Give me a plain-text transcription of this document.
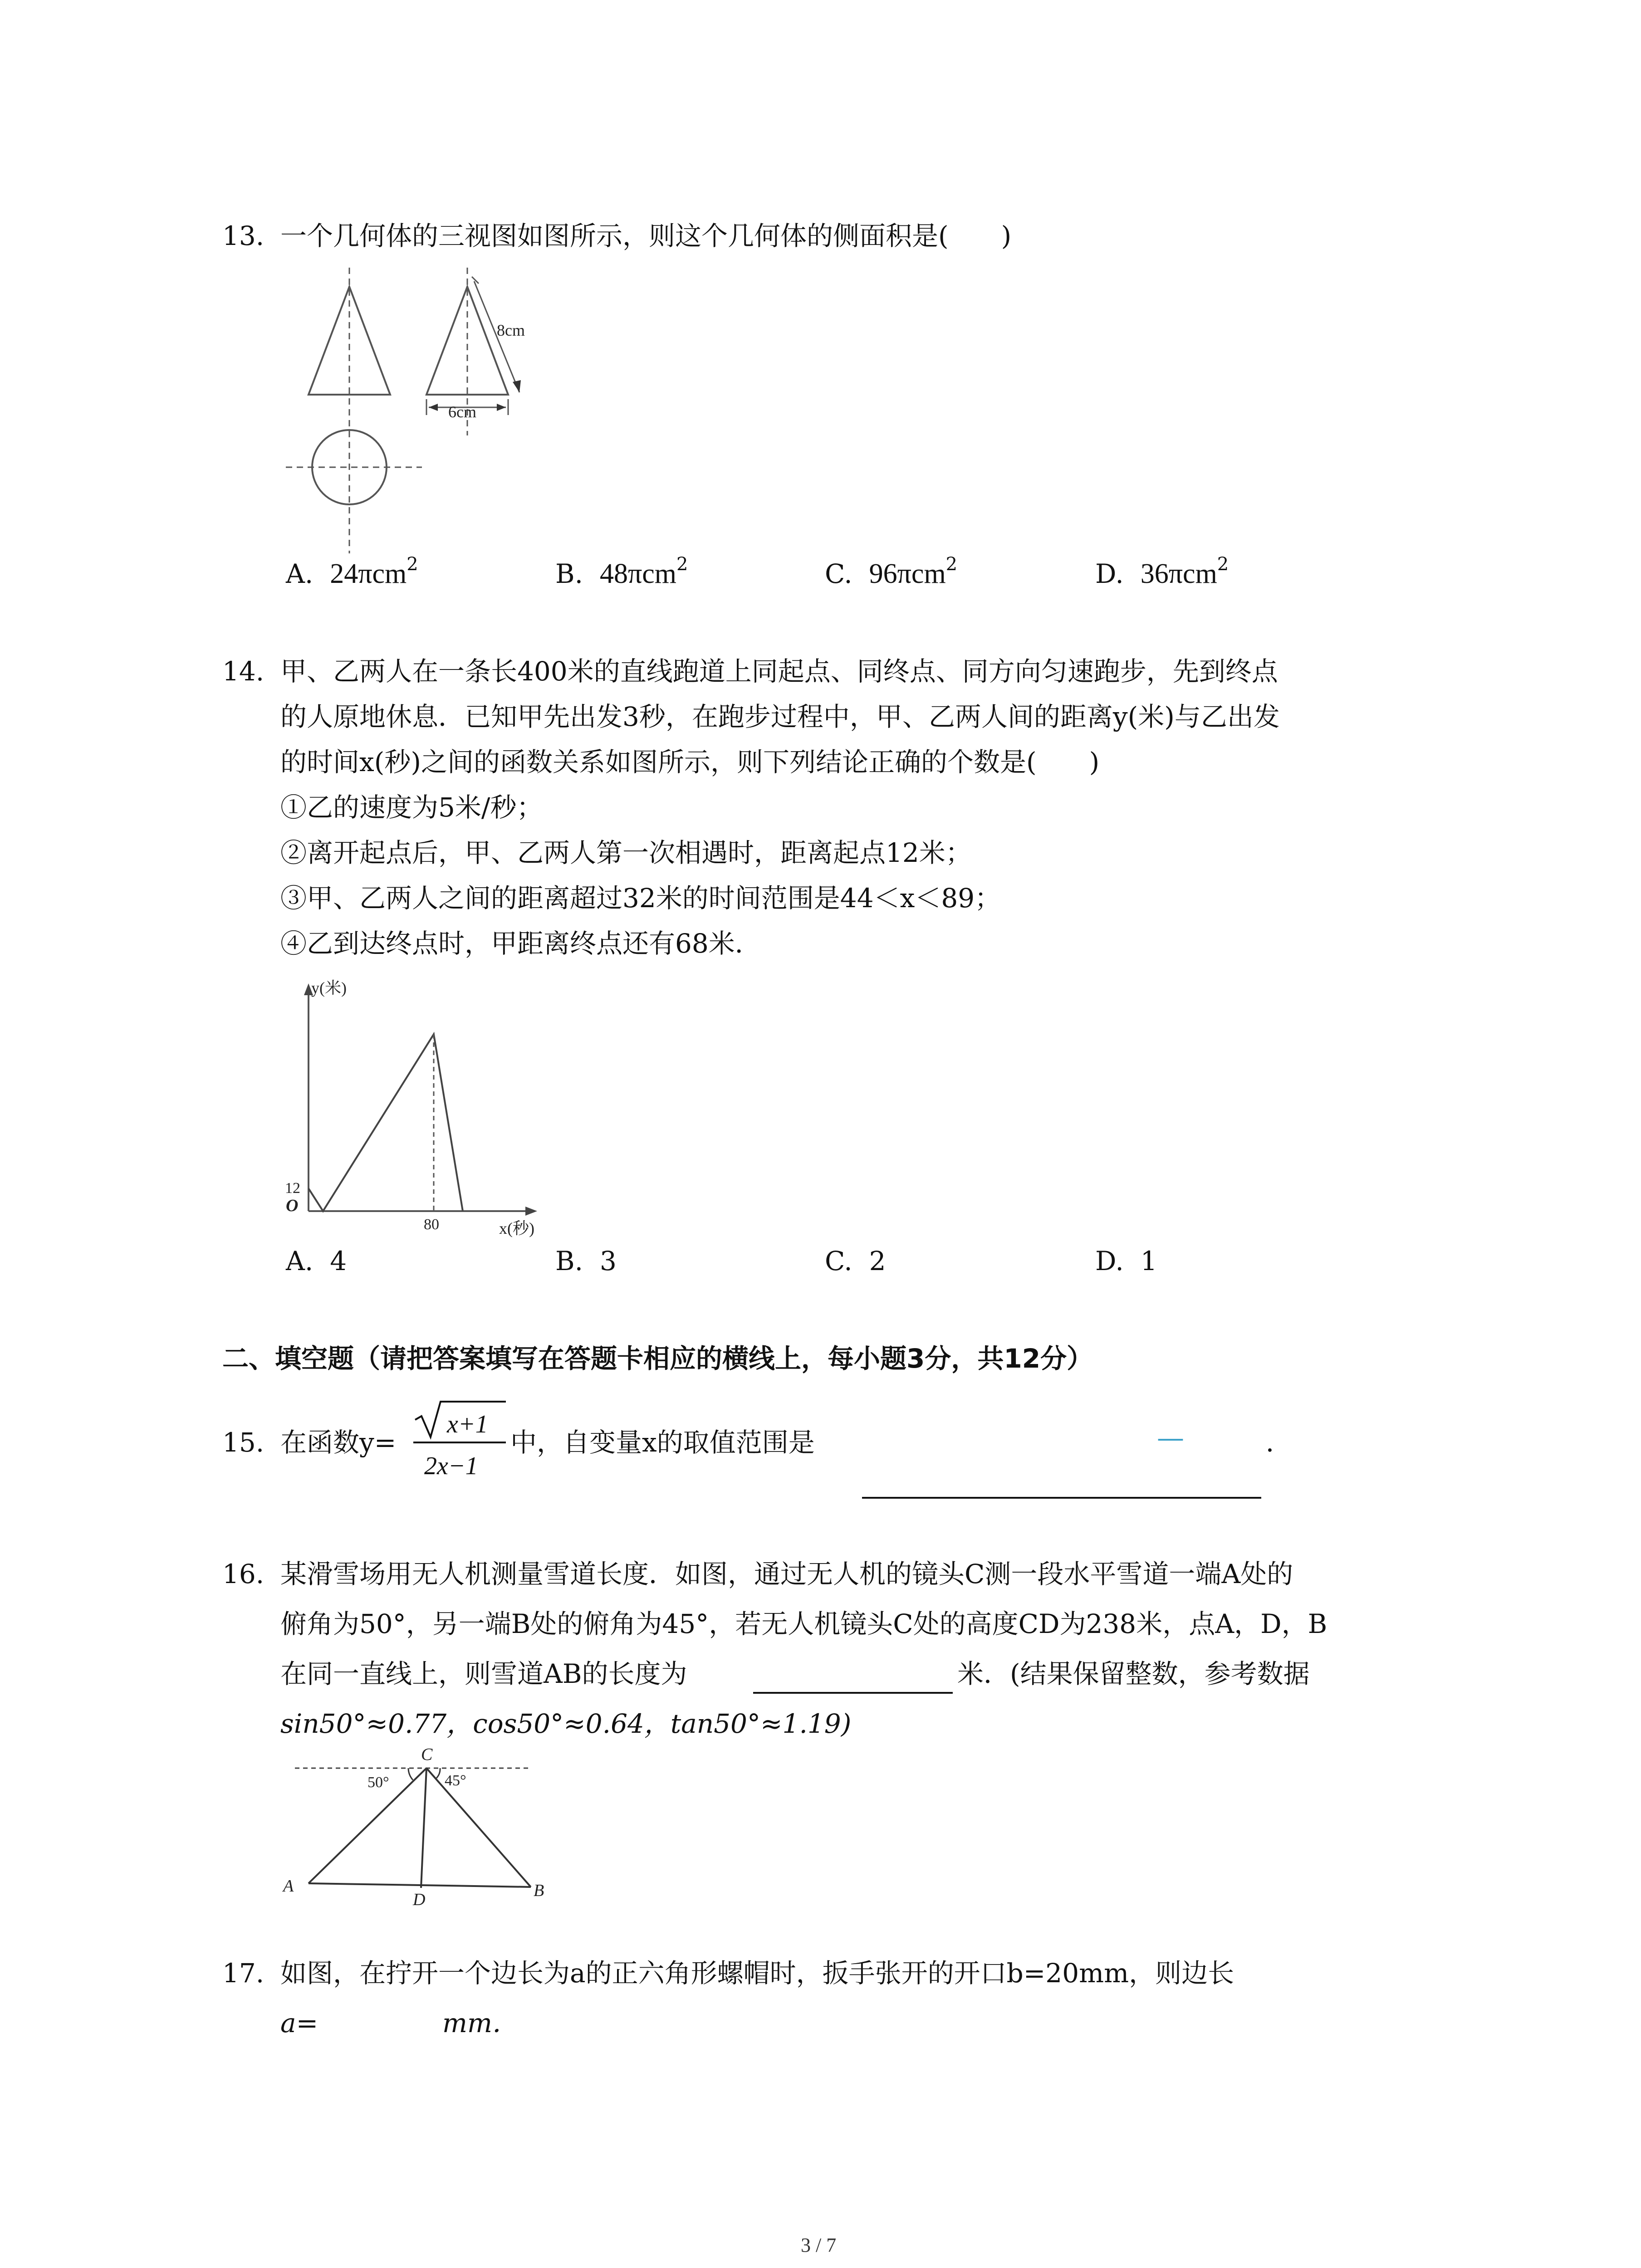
13. 一个几何体的三视图如图所示，则这个几何体的侧面积是(　　)
8cm
6cm
A. 24πcm$^2$	B. 48πcm$^2$	C. 96πcm$^2$	D. 36πcm$^2$
14. 甲、乙两人在一条长400米的直线跑道上同起点、同终点、同方向匀速跑步，先到终点
的人原地休息．已知甲先出发3秒，在跑步过程中，甲、乙两人间的距离y(米)与乙出发
的时间x(秒)之间的函数关系如图所示，则下列结论正确的个数是(　　)
①乙的速度为5米/秒；
②离开起点后，甲、乙两人第一次相遇时，距离起点12米；
③甲、乙两人之间的距离超过32米的时间范围是44＜x＜89；
④乙到达终点时，甲距离终点还有68米．
y(米)
x(秒)
O
12
80
A. 4	B. 3	C. 2	D. 1
二、填空题（请把答案填写在答题卡相应的横线上，每小题3分，共12分）
15. 在函数y=
x+1
2x−1
中，自变量x的取值范围是	—	．
16. 某滑雪场用无人机测量雪道长度．如图，通过无人机的镜头C测一段水平雪道一端A处的
俯角为50°，另一端B处的俯角为45°，若无人机镜头C处的高度CD为238米，点A，D，B
在同一直线上，则雪道AB的长度为	米．(结果保留整数，参考数据
sin50°≈0.77，cos50°≈0.64，tan50°≈1.19)
C
A
D	B
50°	45°
17. 如图，在拧开一个边长为a的正六角形螺帽时，扳手张开的开口b=20mm，则边长
a=	mm．
3 / 7
